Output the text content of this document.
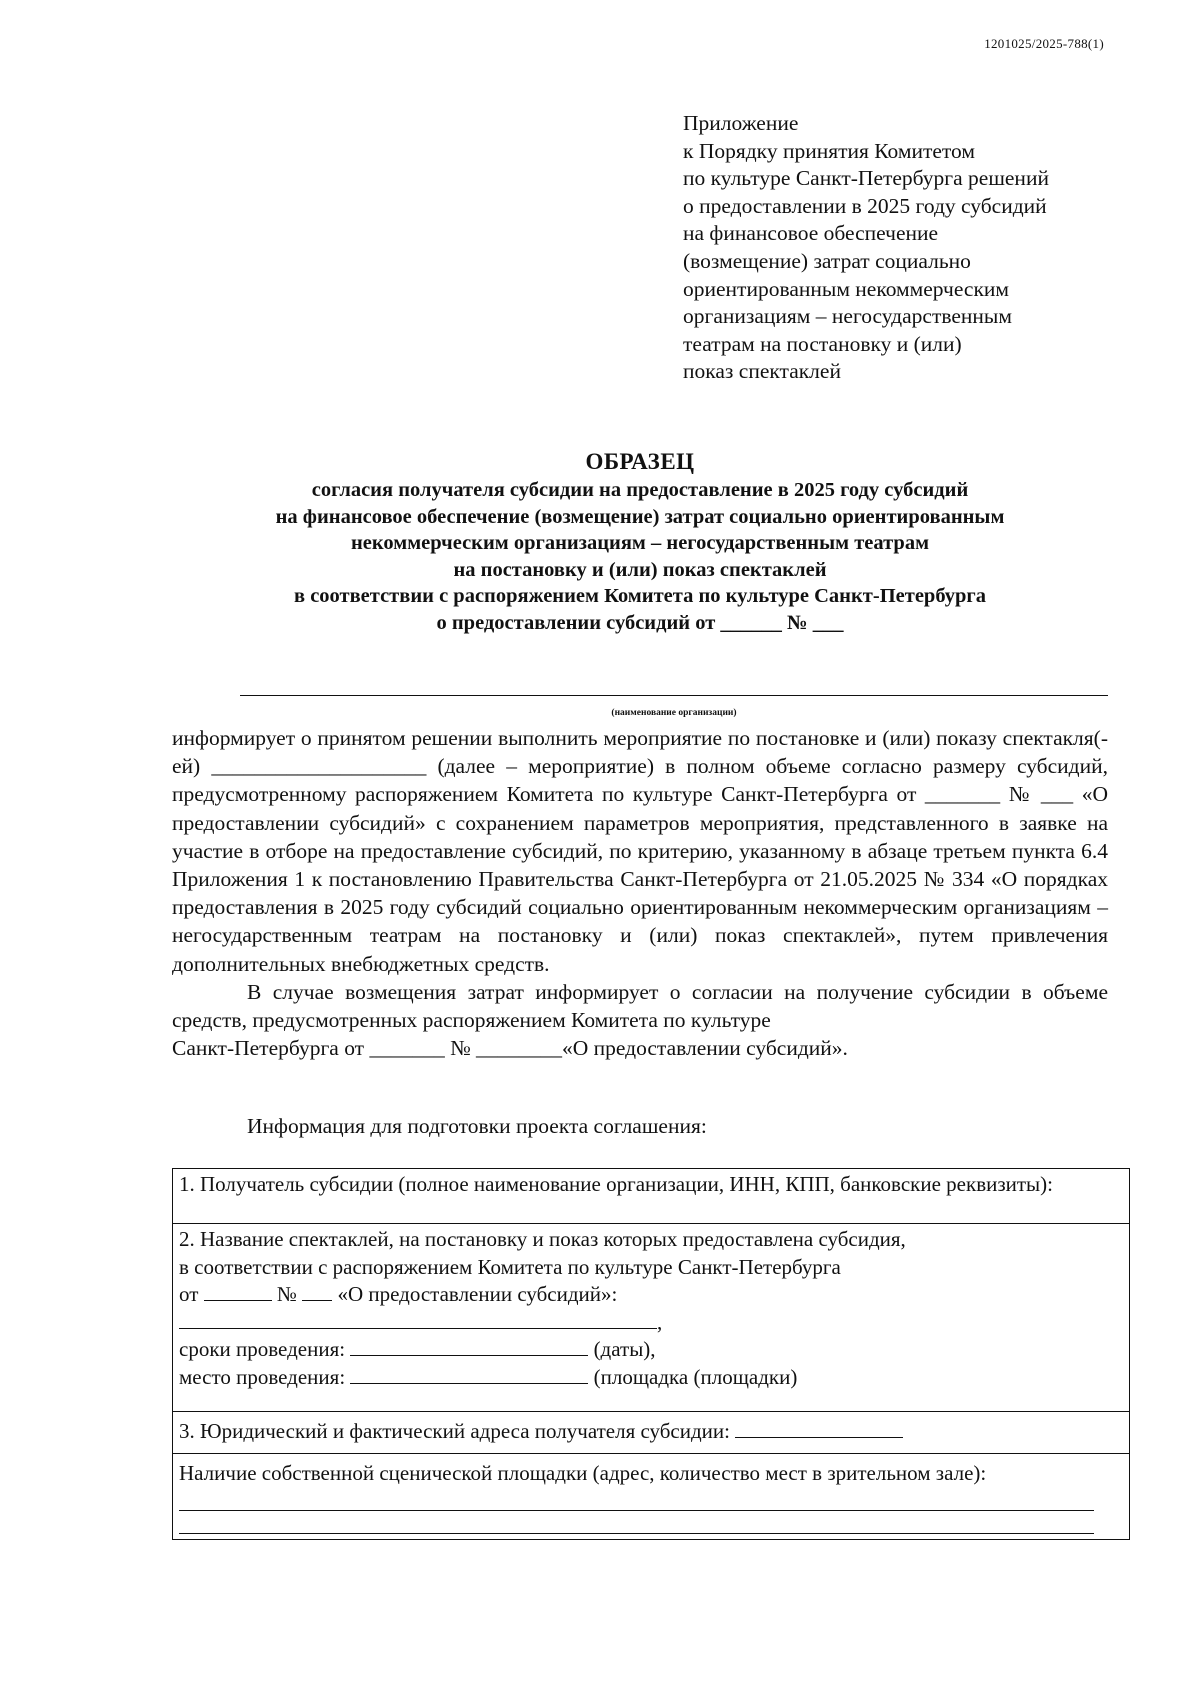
1201025/2025-788(1)
Приложение
к Порядку принятия Комитетом
по культуре Санкт-Петербурга решений
о предоставлении в 2025 году субсидий
на финансовое обеспечение
(возмещение) затрат социально
ориентированным некоммерческим
организациям – негосударственным
театрам на постановку и (или)
показ спектаклей
ОБРАЗЕЦ
согласия получателя субсидии на предоставление в 2025 году субсидий
на финансовое обеспечение (возмещение) затрат социально ориентированным
некоммерческим организациям – негосударственным театрам
на постановку и (или) показ спектаклей
в соответствии с распоряжением Комитета по культуре Санкт-Петербурга
о предоставлении субсидий от ______ № ___
(наименование организации)

информирует о принятом решении выполнить мероприятие по постановке и (или) показу спектакля(-ей) ____________________ (далее – мероприятие) в полном объеме согласно размеру субсидий, предусмотренному распоряжением Комитета по культуре Санкт-Петербурга от _______ № ___ «О предоставлении субсидий» с сохранением параметров мероприятия, представленного в заявке на участие в отборе на предоставление субсидий, по критерию, указанному в абзаце третьем пункта 6.4 Приложения 1 к постановлению Правительства Санкт-Петербурга от 21.05.2025 № 334 «О порядках предоставления в 2025 году субсидий социально ориентированным некоммерческим организациям – негосударственным театрам на постановку и (или) показ спектаклей», путем привлечения дополнительных внебюджетных средств.

В случае возмещения затрат информирует о согласии на получение субсидии в объеме средств, предусмотренных распоряжением Комитета по культуре

Санкт-Петербурга от _______ № ________«О предоставлении субсидий».

Информация для подготовки проекта соглашения:
1. Получатель субсидии (полное наименование организации, ИНН, КПП, банковские реквизиты):
2. Название спектаклей, на постановку и показ которых предоставлена субсидия,
в соответствии с распоряжением Комитета по культуре Санкт-Петербурга
от	№ «О предоставлении субсидий»:
,
сроки проведения:	(даты),
место проведения:	(площадка (площадки)
3. Юридический и фактический адреса получателя субсидии:
Наличие собственной сценической площадки (адрес, количество мест в зрительном зале):
